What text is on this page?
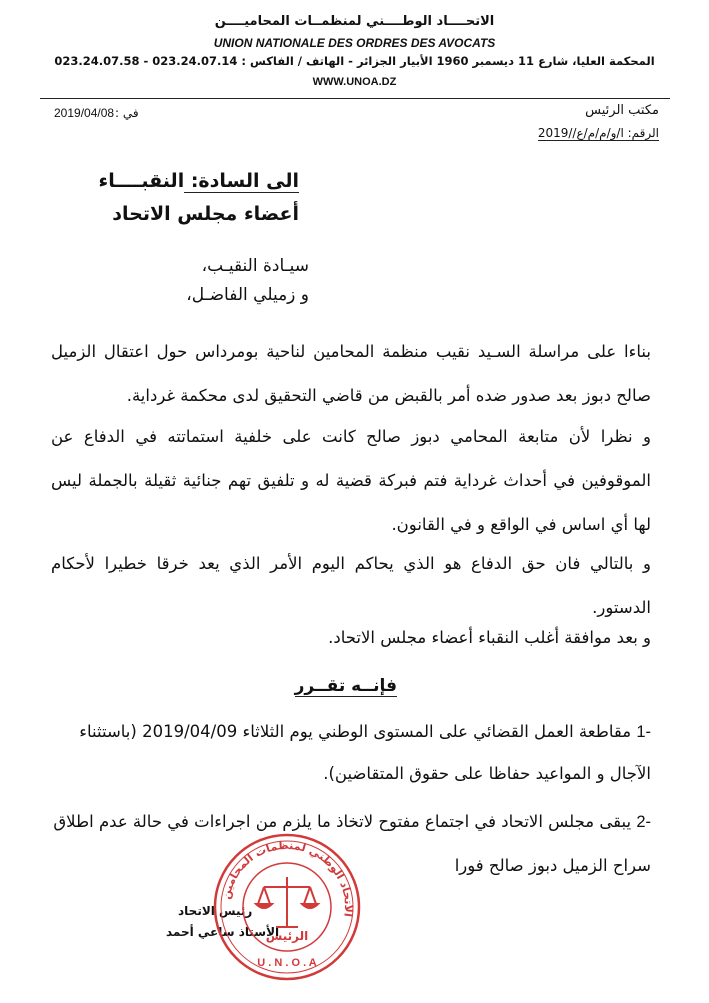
الاتحــــاد الوطــــني لمنظمــات المحاميــــن
UNION NATIONALE DES ORDRES DES AVOCATS
المحكمة العليا، شارع 11 ديسمبر 1960 الأبيار الجزائر - الهاتف / الفاكس : 023.24.07.14 - 023.24.07.58
WWW.UNOA.DZ
مكتب الرئيس
في :
2019/04/08
الرقم: ا/و/م/م/ع//2019
الى السادة: النقبــــاء
أعضاء مجلس الاتحاد
سيـادة النقيـب،
و زميلي الفاضـل،
بناءا على مراسلة السـيد نقيب منظمة المحامين لناحية بومرداس حول اعتقال الزميل صالح دبوز بعد صدور ضده أمر بالقبض من قاضي التحقيق لدى محكمة غرداية.
و نظرا لأن متابعة المحامي دبوز صالح كانت على خلفية استماتته في الدفاع عن الموقوفين في أحداث غرداية فتم فبركة قضية له و تلفيق تهم جنائية ثقيلة بالجملة ليس لها أي اساس في الواقع و في القانون.
و بالتالي فان حق الدفاع هو الذي يحاكم اليوم الأمر الذي يعد خرقا خطيرا لأحكام الدستور.
و بعد موافقة أغلب النقباء أعضاء مجلس الاتحاد.
فإنــه تقــرر
-1 مقاطعة العمل القضائي على المستوى الوطني يوم الثلاثاء 2019/04/09 (باستثناء الآجال و المواعيد حفاظا على حقوق المتقاضين).
-2 يبقى مجلس الاتحاد في اجتماع مفتوح لاتخاذ ما يلزم من اجراءات في حالة عدم اطلاق سراح الزميل دبوز صالح فورا
رئيس الاتحاد
الأستاذ ساعي أحمد
الاتحاد الوطني لمنظمات المحامين
الرئيس
U . N . O . A
